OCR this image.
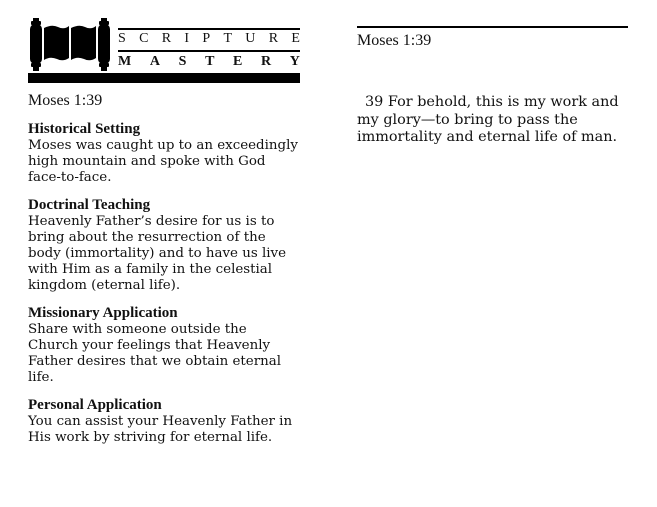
S C R I P T U R E
M A S T E R Y
Moses 1:39
Historical Setting

Moses was caught up to an exceedingly high mountain and spoke with God face-to-face.

Doctrinal Teaching

Heavenly Father’s desire for us is to bring about the resurrection of the body (immortality) and to have us live with Him as a family in the celestial kingdom (eternal life).

Missionary Application

Share with someone outside the Church your feelings that Heavenly Father desires that we obtain eternal life.

Personal Application

You can assist your Heavenly Father in His work by striving for eternal life.

Moses 1:39
39 For behold, this is my work and my glory—to bring to pass the immortality and eternal life of man.
